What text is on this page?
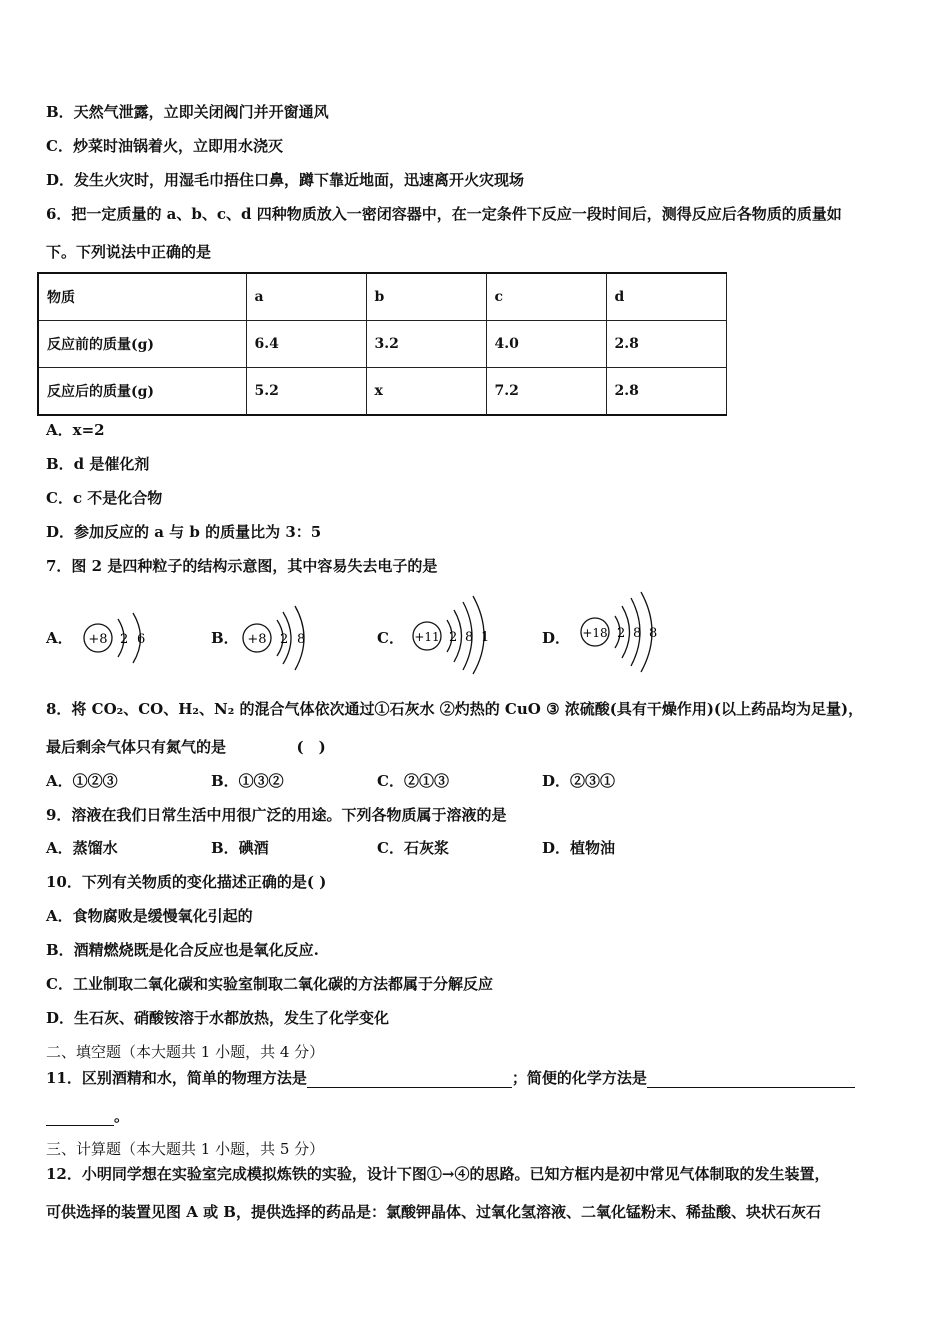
B．天然气泄露，立即关闭阀门并开窗通风
C．炒菜时油锅着火，立即用水浇灭
D．发生火灾时，用湿毛巾捂住口鼻，蹲下靠近地面，迅速离开火灾现场
6．把一定质量的 a、b、c、d 四种物质放入一密闭容器中，在一定条件下反应一段时间后，测得反应后各物质的质量如
下。下列说法中正确的是
物质	a	b	c	d
反应前的质量(g)	6.4	3.2	4.0	2.8
反应后的质量(g)	5.2	x	7.2	2.8
A．x=2
B．d 是催化剂
C．c 不是化合物
D．参加反应的 a 与 b 的质量比为 3：5
7．图 2 是四种粒子的结构示意图，其中容易失去电子的是
A． +8 2 6	B． +8 2 8	C． +11 2 8 1	D． +18 2 8 8
8．将 CO₂、CO、H₂、N₂ 的混合气体依次通过①石灰水 ②灼热的 CuO ③ 浓硫酸(具有干燥作用)(以上药品均为足量)，
最后剩余气体只有氮气的是	(　)
A．①②③	B．①③②	C．②①③	D．②③①
9．溶液在我们日常生活中用很广泛的用途。下列各物质属于溶液的是
A．蒸馏水	B．碘酒	C．石灰浆	D．植物油
10．下列有关物质的变化描述正确的是( )
A．食物腐败是缓慢氧化引起的
B．酒精燃烧既是化合反应也是氧化反应.
C．工业制取二氧化碳和实验室制取二氧化碳的方法都属于分解反应
D．生石灰、硝酸铵溶于水都放热，发生了化学变化
二、填空题（本大题共 1 小题，共 4 分）
11．区别酒精和水，简单的物理方法是	；简便的化学方法是
。
三、计算题（本大题共 1 小题，共 5 分）
12．小明同学想在实验室完成模拟炼铁的实验，设计下图①→④的思路。已知方框内是初中常见气体制取的发生装置，
可供选择的装置见图 A 或 B，提供选择的药品是：氯酸钾晶体、过氧化氢溶液、二氧化锰粉末、稀盐酸、块状石灰石
